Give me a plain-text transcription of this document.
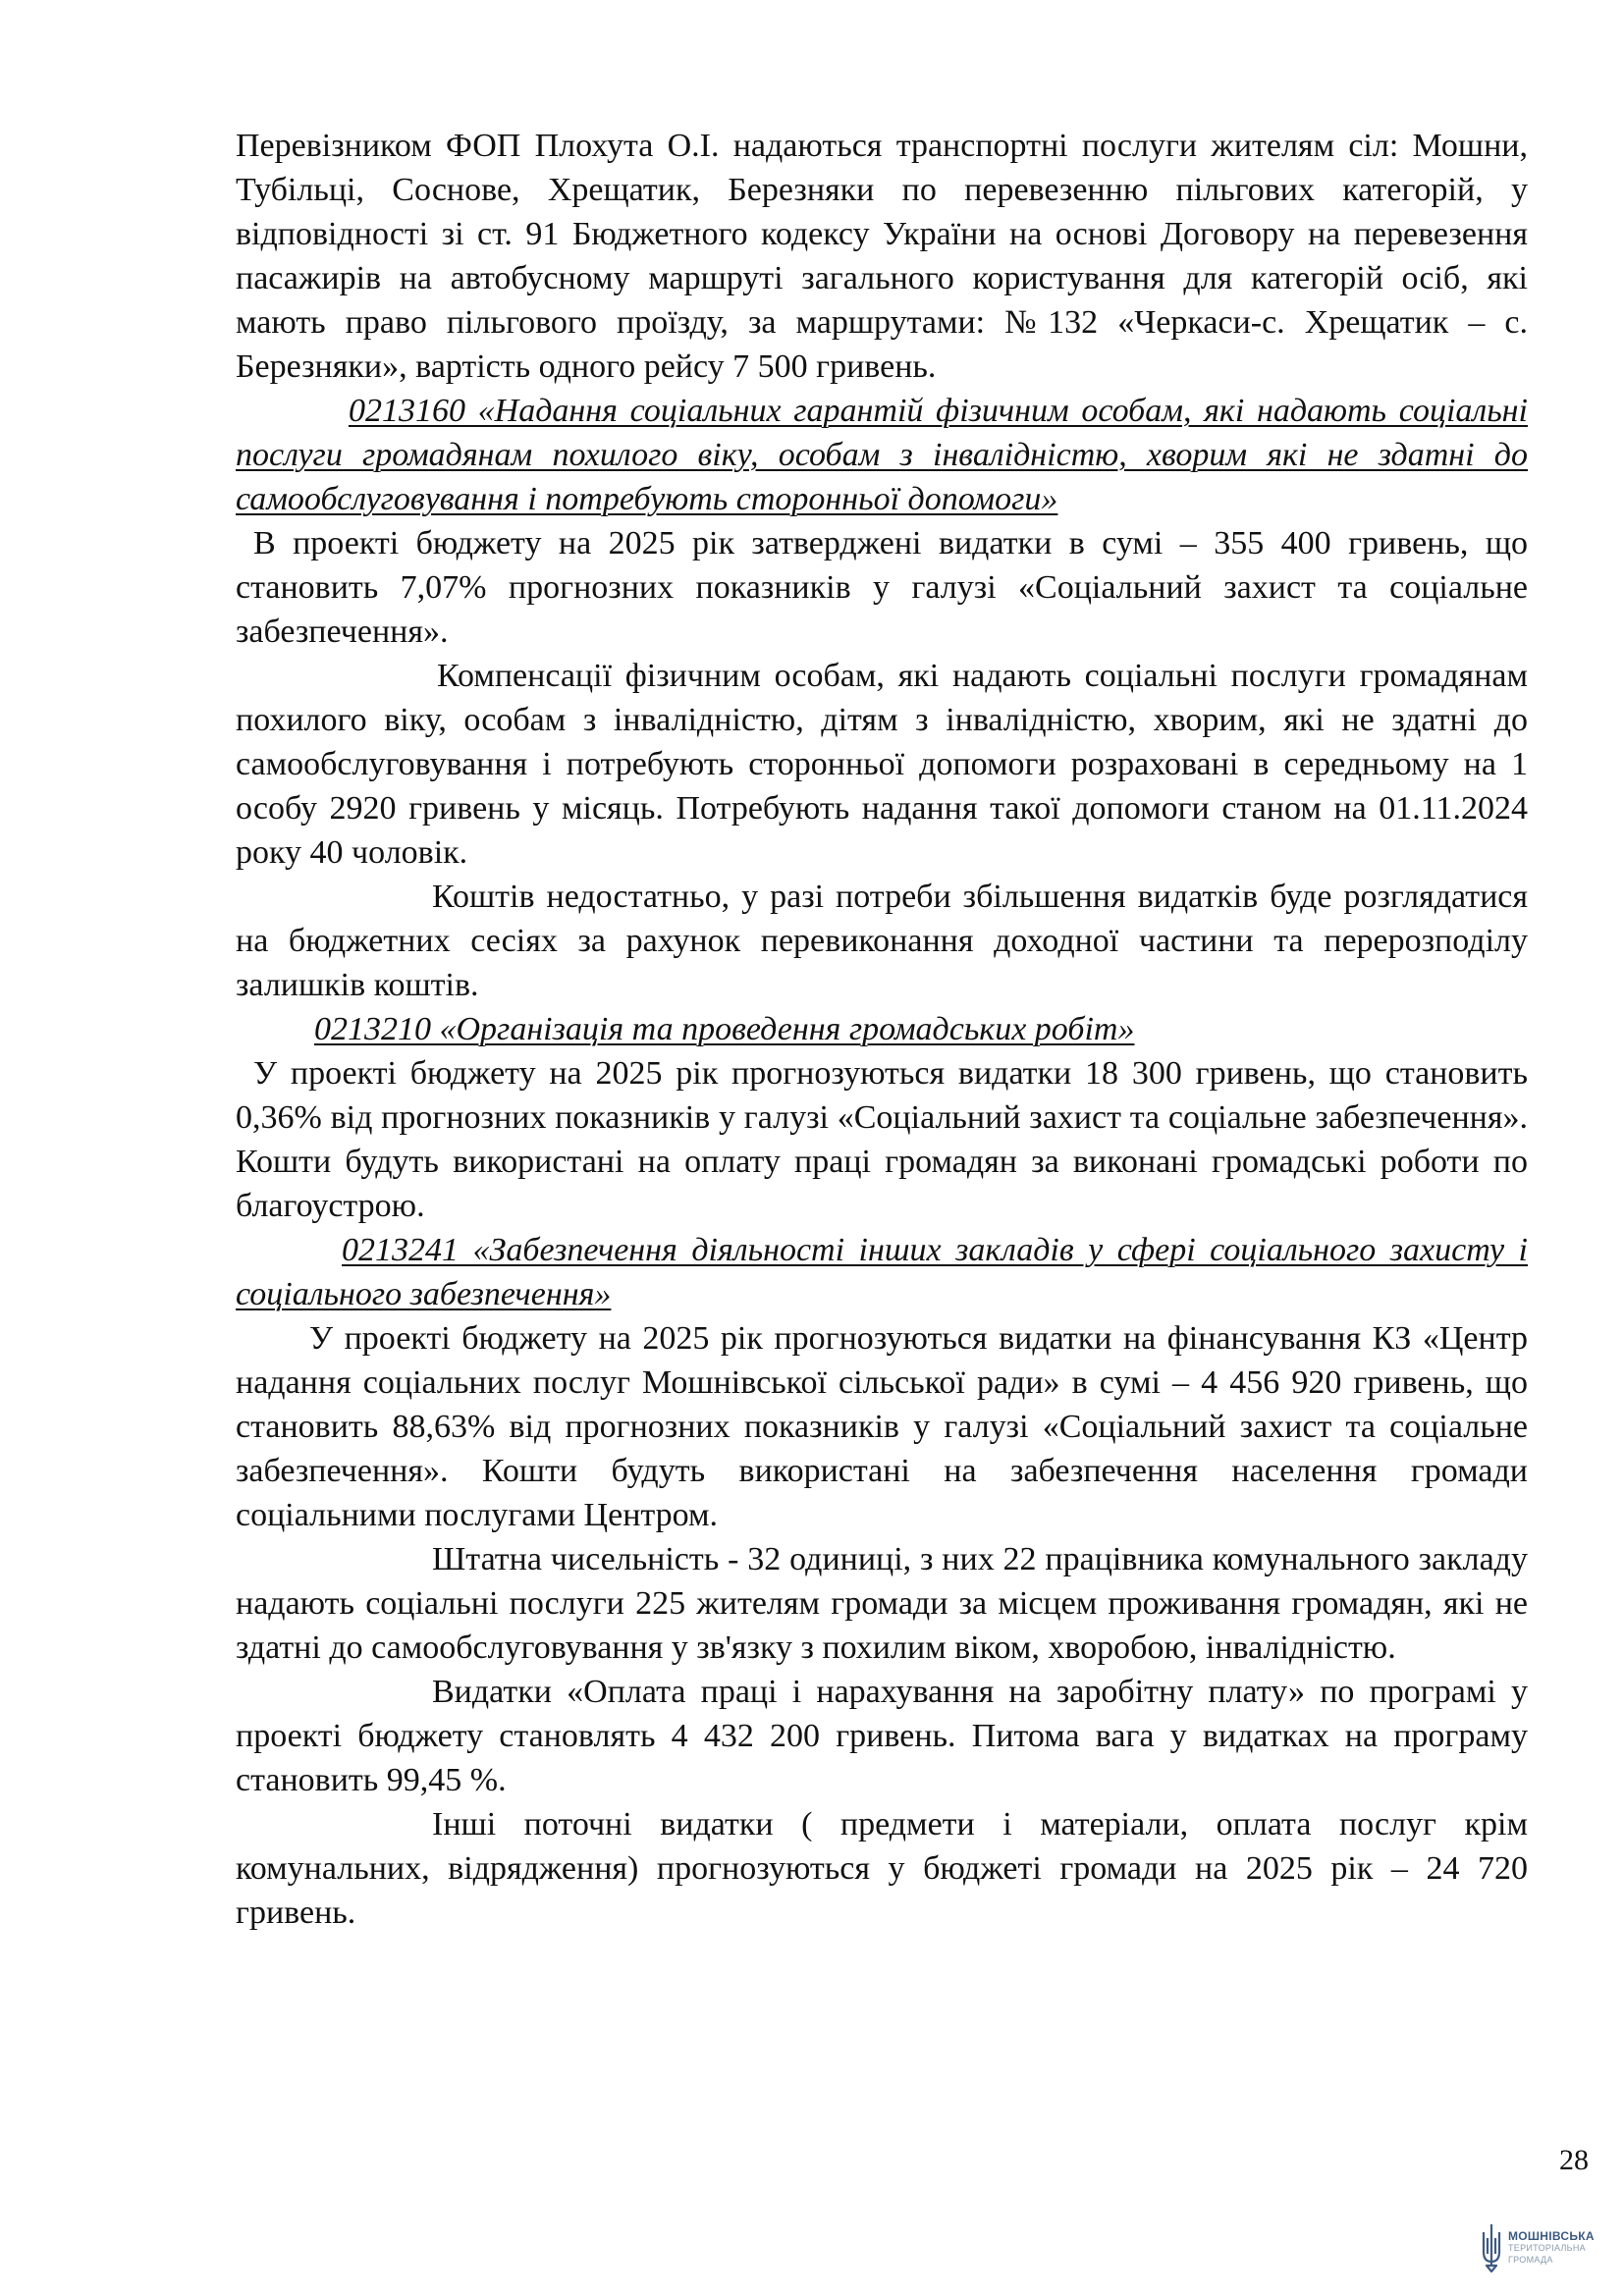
Перевізником ФОП Плохута О.І. надаються транспортні послуги жителям сіл: Мошни, Тубільці, Соснове, Хрещатик, Березняки по перевезенню пільгових категорій, у відповідності зі ст. 91 Бюджетного кодексу України на основі Договору на перевезення пасажирів на автобусному маршруті загального користування для категорій осіб, які мають право пільгового проїзду, за маршрутами: №132 «Черкаси-с. Хрещатик – с. Березняки», вартість одного рейсу 7 500 гривень.

0213160 «Надання соціальних гарантій фізичним особам, які надають соціальні послуги громадянам похилого віку, особам з інвалідністю, хворим які не здатні до самообслуговування і потребують сторонньої допомоги»

В проекті бюджету на 2025 рік затверджені видатки в сумі – 355 400 гривень, що становить 7,07% прогнозних показників у галузі «Соціальний захист та соціальне забезпечення».

Компенсації фізичним особам, які надають соціальні послуги громадянам похилого віку, особам з інвалідністю, дітям з інвалідністю, хворим, які не здатні до самообслуговування і потребують сторонньої допомоги розраховані в середньому на 1 особу 2920 гривень у місяць. Потребують надання такої допомоги станом на 01.11.2024 року 40 чоловік.

Коштів недостатньо, у разі потреби збільшення видатків буде розглядатися на бюджетних сесіях за рахунок перевиконання доходної частини та перерозподілу залишків коштів.

0213210 «Організація та проведення громадських робіт»

У проекті бюджету на 2025 рік прогнозуються видатки 18 300 гривень, що становить 0,36% від прогнозних показників у галузі «Соціальний захист та соціальне забезпечення». Кошти будуть використані на оплату праці громадян за виконані громадські роботи по благоустрою.

0213241 «Забезпечення діяльності інших закладів у сфері соціального захисту і соціального забезпечення»

У проекті бюджету на 2025 рік прогнозуються видатки на фінансування КЗ «Центр надання соціальних послуг Мошнівської сільської ради» в сумі – 4 456 920 гривень, що становить 88,63% від прогнозних показників у галузі «Соціальний захист та соціальне забезпечення». Кошти будуть використані на забезпечення населення громади соціальними послугами Центром.

Штатна чисельність - 32 одиниці, з них 22 працівника комунального закладу надають соціальні послуги 225 жителям громади за місцем проживання громадян, які не здатні до самообслуговування у зв'язку з похилим віком, хворобою, інвалідністю.

Видатки «Оплата праці і нарахування на заробітну плату» по програмі у проекті бюджету становлять 4 432 200 гривень. Питома вага у видатках на програму становить 99,45 %.

Інші поточні видатки ( предмети і матеріали, оплата послуг крім комунальних, відрядження) прогнозуються у бюджеті громади на 2025 рік – 24 720 гривень.

28
МОШНІВСЬКА
ТЕРИТОРІАЛЬНА
ГРОМАДА
